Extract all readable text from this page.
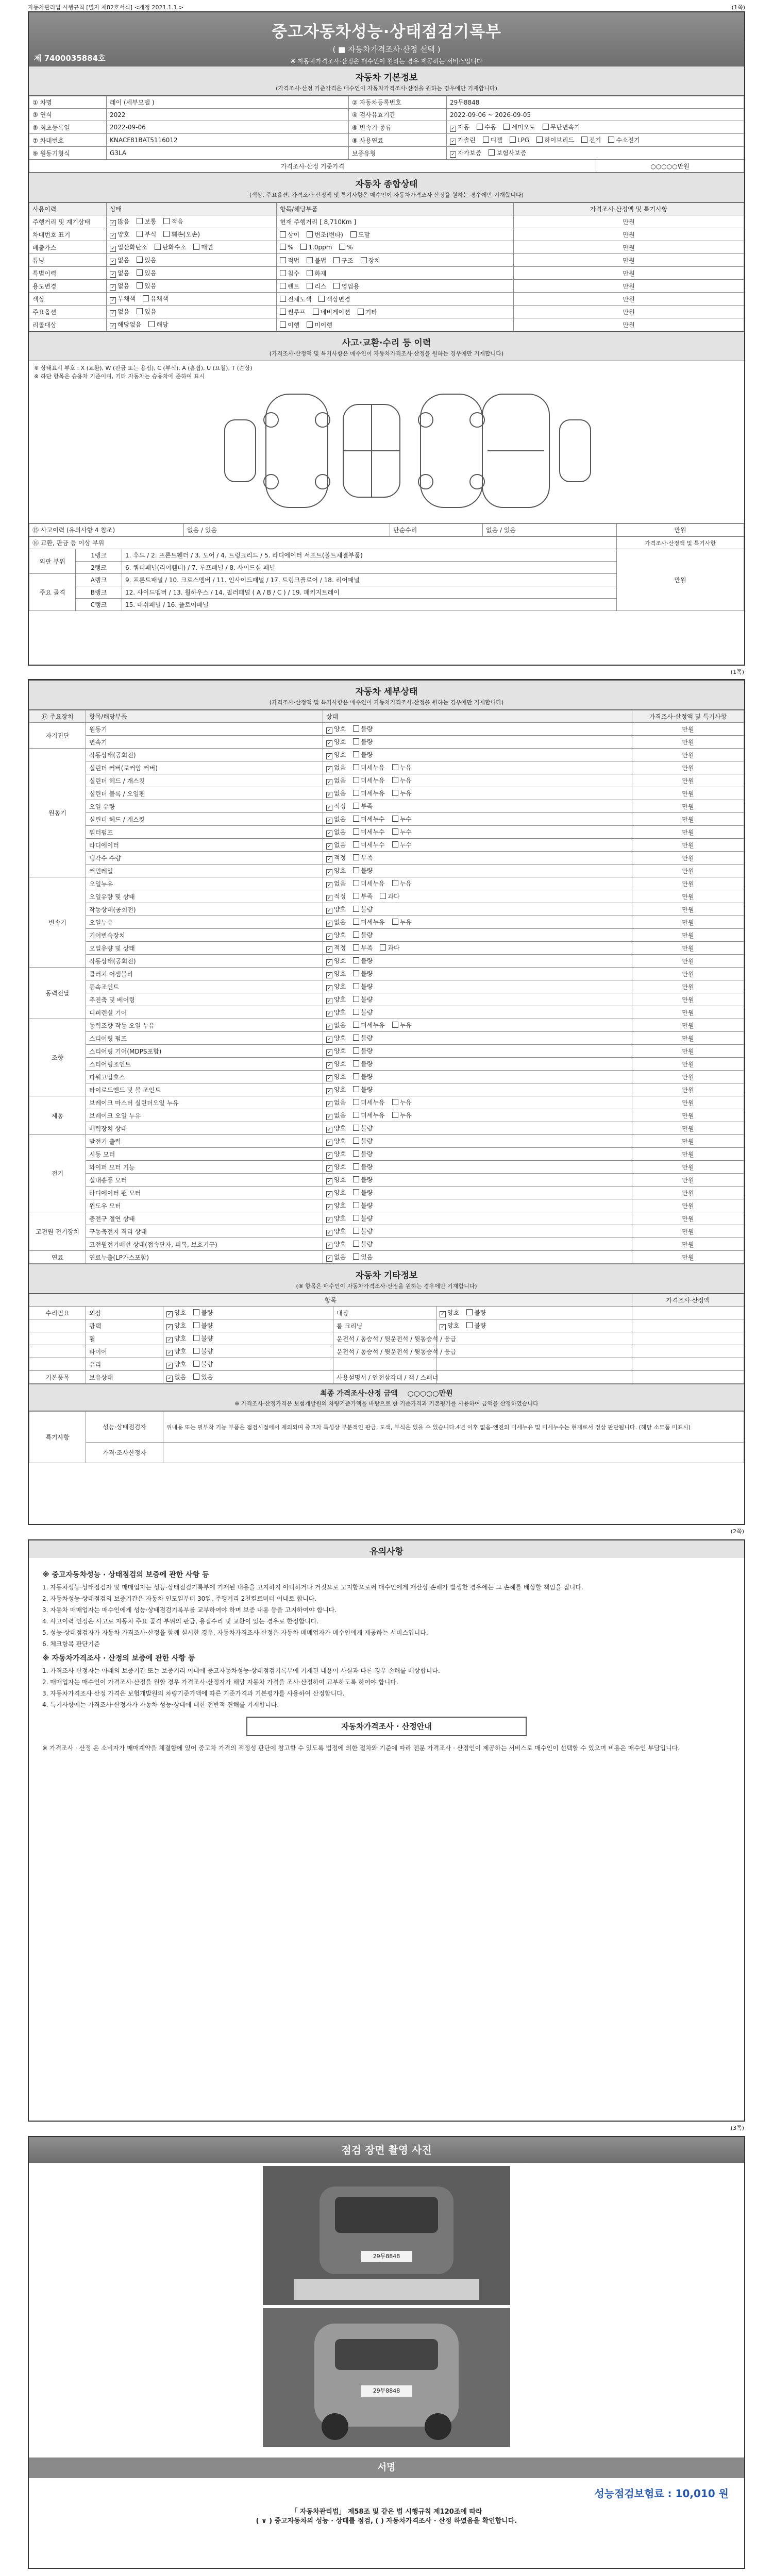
자동차관리법 시행규칙 [별지 제82호서식] <개정 2021.1.1.>	(1쪽)
중고자동차성능·상태점검기록부
( ■ 자동차가격조사·산정 선택 )
※ 자동차가격조사·산정은 매수인이 원하는 경우 제공하는 서비스입니다
제 7400035884호
자동차 기본정보
(가격조사·산정 기준가격은 매수인이 자동차가격조사·산정을 원하는 경우에만 기재합니다)
① 차명	레이 (세부모델 )	② 자동차등록번호	29무8848
③ 연식	2022	④ 검사유효기간	2022-09-06 ~ 2026-09-05
⑤ 최초등록일	2022-09-06	⑥ 변속기 종류	✓자동 수동 세미오토 무단변속기
⑦ 차대번호	KNACF81BAT5116012	⑧ 사용연료	✓가솔린 디젤 LPG 하이브리드 전기 수소전기
⑨ 원동기형식	G3LA	보증유형	✓자가보증 보험사보증
가격조사·산정 기준가격	○○○○○만원
자동차 종합상태
(색상, 주요옵션, 가격조사·산정액 및 특기사항은 매수인이 자동차가격조사·산정을 원하는 경우에만 기재합니다)
사용이력	상태	항목/해당부품	가격조사·산정액 및 특기사항
주행거리 및 계기상태	✓많음 보통 적음	현재 주행거리 [ 8,710Km ]	만원
차대번호 표기	✓양호 부식 훼손(오손)	상이 변조(변타) 도말	만원
배출가스	✓일산화탄소 탄화수소 매연	% 1.0ppm %	만원
튜닝	✓없음 있음	적법 불법 구조 장치	만원
특별이력	✓없음 있음	침수 화재	만원
용도변경	✓없음 있음	렌트 리스 영업용	만원
색상	✓무채색 유채색	전체도색 색상변경	만원
주요옵션	✓없음 있음	썬루프 네비게이션 기타	만원
리콜대상	✓해당없음 해당	이행 미이행	만원
사고·교환·수리 등 이력
(가격조사·산정액 및 특기사항은 매수인이 자동차가격조사·산정을 원하는 경우에만 기재합니다)
※ 상태표시 부호 : X (교환), W (판금 또는 용접), C (부식), A (흠집), U (요철), T (손상)
※ 하단 항목은 승용차 기준이며, 기타 자동차는 승용차에 준하여 표시
⑮ 사고이력 (유의사항 4 참조)	없음 / 있음	단순수리	없음 / 있음	만원
⑯ 교환, 판금 등 이상 부위			가격조사·산정액 및 특기사항
외판 부위	1랭크	1. 후드 / 2. 프론트휀더 / 3. 도어 / 4. 트렁크리드 / 5. 라디에이터 서포트(볼트체결부품)	만원
	2랭크	6. 쿼터패널(리어휀더) / 7. 루프패널 / 8. 사이드실 패널	
주요 골격	A랭크	9. 프론트패널 / 10. 크로스멤버 / 11. 인사이드패널 / 17. 트렁크플로어 / 18. 리어패널	
	B랭크	12. 사이드멤버 / 13. 휠하우스 / 14. 필러패널 ( A / B / C ) / 19. 패키지트레이	
	C랭크	15. 대쉬패널 / 16. 플로어패널	
(1쪽)
자동차 세부상태
(가격조사·산정액 및 특기사항은 매수인이 자동차가격조사·산정을 원하는 경우에만 기재합니다)
⑰ 주요장치	항목/해당부품	상태	가격조사·산정액 및 특기사항
자기진단	원동기	✓양호 불량	만원
	변속기	✓양호 불량	만원
원동기	작동상태(공회전)	✓양호 불량	만원
	실린더 커버(로커암 커버)	✓없음 미세누유 누유	만원
	실린더 헤드 / 개스킷	✓없음 미세누유 누유	만원
	실린더 블록 / 오일팬	✓없음 미세누유 누유	만원
	오일 유량	✓적정 부족	만원
	실린더 헤드 / 개스킷	✓없음 미세누수 누수	만원
	워터펌프	✓없음 미세누수 누수	만원
	라디에이터	✓없음 미세누수 누수	만원
	냉각수 수량	✓적정 부족	만원
	커먼레일	✓양호 불량	만원
변속기	오일누유	✓없음 미세누유 누유	만원
	오일유량 및 상태	✓적정 부족 과다	만원
	작동상태(공회전)	✓양호 불량	만원
	오일누유	✓없음 미세누유 누유	만원
	기어변속장치	✓양호 불량	만원
	오일유량 및 상태	✓적정 부족 과다	만원
	작동상태(공회전)	✓양호 불량	만원
동력전달	클러치 어셈블리	✓양호 불량	만원
	등속조인트	✓양호 불량	만원
	추진축 및 베어링	✓양호 불량	만원
	디퍼렌셜 기어	✓양호 불량	만원
조향	동력조향 작동 오일 누유	✓없음 미세누유 누유	만원
	스티어링 펌프	✓양호 불량	만원
	스티어링 기어(MDPS포함)	✓양호 불량	만원
	스티어링조인트	✓양호 불량	만원
	파워고압호스	✓양호 불량	만원
	타이로드엔드 및 볼 조인트	✓양호 불량	만원
제동	브레이크 마스터 실린더오일 누유	✓없음 미세누유 누유	만원
	브레이크 오일 누유	✓없음 미세누유 누유	만원
	배력장치 상태	✓양호 불량	만원
전기	발전기 출력	✓양호 불량	만원
	시동 모터	✓양호 불량	만원
	와이퍼 모터 기능	✓양호 불량	만원
	실내송풍 모터	✓양호 불량	만원
	라디에이터 팬 모터	✓양호 불량	만원
	윈도우 모터	✓양호 불량	만원
고전원 전기장치	충전구 절연 상태	✓양호 불량	만원
	구동축전지 격리 상태	✓양호 불량	만원
	고전원전기배선 상태(접속단자, 피복, 보호기구)	✓양호 불량	만원
연료	연료누출(LP가스포함)	✓없음 있음	만원
자동차 기타정보
(⑧ 항목은 매수인이 자동차가격조사·산정을 원하는 경우에만 기재합니다)
항목					가격조사·산정액
수리필요	외장	✓양호 불량	내장	✓양호 불량	
	광택	✓양호 불량	룸 크리닝	✓양호 불량	
	휠	✓양호 불량	운전석 / 동승석 / 뒷운전석 / 뒷동승석 / 응급		
	타이어	✓양호 불량	운전석 / 동승석 / 뒷운전석 / 뒷동승석 / 응급		
	유리	✓양호 불량			
기본품목	보유상태	✓없음 있음	사용설명서 / 안전삼각대 / 잭 / 스패너		
최종 가격조사·산정 금액 ○○○○○만원
※ 가격조사·산정가격은 보험개발원의 차량기준가액을 바탕으로 한 기준가격과 기본평가를 사용하여 금액을 산정하였습니다
특기사항	성능·상태점검자	위내용 또는 필부착 기능 부품은 점검시점에서 제외되며 중고차 특성상 부분적인 판금, 도색, 부식은 있을 수 있습니다.4년 이후 없음-엔진의 미세누유 및 미세누수는 현재로서 정상 판단됩니다. (해당 소모품 미표시)
	가격·조사산정자	
(2쪽)
유의사항
※ 중고자동차성능 · 상태점검의 보증에 관한 사항 등

1. 자동차성능·상태점검자 및 매매업자는 성능·상태점검기록부에 기재된 내용을 고지하지 아니하거나 거짓으로 고지함으로써 매수인에게 재산상 손해가 발생한 경우에는 그 손해를 배상할 책임을 집니다.

2. 자동차성능·상태점검의 보증기간은 자동차 인도일부터 30일, 주행거리 2천킬로미터 이내로 합니다.

3. 자동차 매매업자는 매수인에게 성능·상태점검기록부를 교부하여야 하며 보증 내용 등을 고지하여야 합니다.

4. 사고이력 인정은 사고로 자동차 주요 골격 부위의 판금, 용접수리 및 교환이 있는 경우로 한정합니다.

5. 성능·상태점검자가 자동차 가격조사·산정을 함께 실시한 경우, 자동차가격조사·산정은 자동차 매매업자가 매수인에게 제공하는 서비스입니다.

6. 체크항목 판단기준

※ 자동차가격조사 · 산정의 보증에 관한 사항 등

1. 가격조사·산정자는 아래의 보증기간 또는 보증거리 이내에 중고자동차성능·상태점검기록부에 기재된 내용이 사실과 다른 경우 손해를 배상합니다.

2. 매매업자는 매수인이 가격조사·산정을 원할 경우 가격조사·산정자가 해당 자동차 가격을 조사·산정하여 교부하도록 하여야 합니다.

3. 자동차가격조사·산정 가격은 보험개발원의 차량기준가액에 따른 기준가격과 기본평가를 사용하여 산정합니다.

4. 특기사항에는 가격조사·산정자가 자동차 성능·상태에 대한 전반적 견해를 기재합니다.

자동차가격조사 · 산정안내

※ 가격조사 · 산정 은 소비자가 매매계약을 체결함에 있어 중고차 가격의 적정성 판단에 참고할 수 있도록 법정에 의한 절차와 기준에 따라 전문 가격조사 · 산정인이 제공하는 서비스로 매수인이 선택할 수 있으며 비용은 매수인 부담입니다.

(3쪽)
점검 장면 촬영 사진
29무8848
29무8848
서명
성능점검보험료 : 10,010 원
「 자동차관리법」 제58조 및 같은 법 시행규칙 제120조에 따라
( ∨ ) 중고자동차의 성능 · 상태를 점검, ( ) 자동차가격조사 · 산정 하였음을 확인합니다.
